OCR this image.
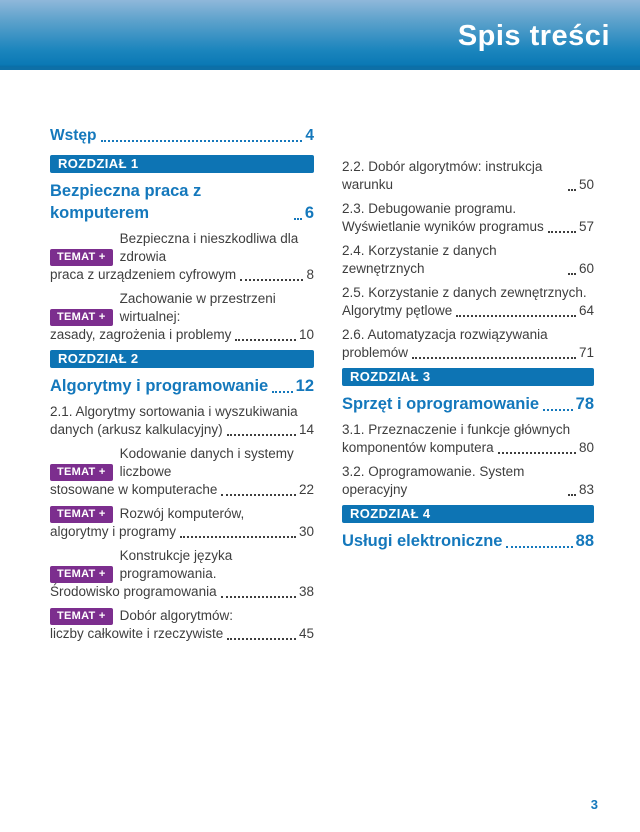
Spis treści
Wstęp	4
ROZDZIAŁ 1
Bezpieczna praca z komputerem	6
TEMAT +
Bezpieczna i nieszkodliwa dla zdrowia
praca z urządzeniem cyfrowym	8
TEMAT +
Zachowanie w przestrzeni wirtualnej:
zasady, zagrożenia i problemy	10
ROZDZIAŁ 2
Algorytmy i programowanie 12
2.1. Algorytmy sortowania i wyszukiwania
danych (arkusz kalkulacyjny)	14
TEMAT +
Kodowanie danych i systemy liczbowe
stosowane w komputerache	22
TEMAT +	Rozwój komputerów,
algorytmy i programy	30
TEMAT +
Konstrukcje języka programowania.
Środowisko programowania	38
TEMAT +	Dobór algorytmów:
liczby całkowite i rzeczywiste	45
2.2. Dobór algorytmów: instrukcja warunku	50
2.3. Debugowanie programu.
Wyświetlanie wyników programus	57
2.4. Korzystanie z danych zewnętrznych	60
2.5. Korzystanie z danych zewnętrznych.
Algorytmy pętlowe	64
2.6. Automatyzacja rozwiązywania
problemów	71
ROZDZIAŁ 3
Sprzęt i oprogramowanie 78
3.1. Przeznaczenie i funkcje głównych
komponentów komputera	80
3.2. Oprogramowanie. System operacyjny	83
ROZDZIAŁ 4
Usługi elektroniczne	88
3
